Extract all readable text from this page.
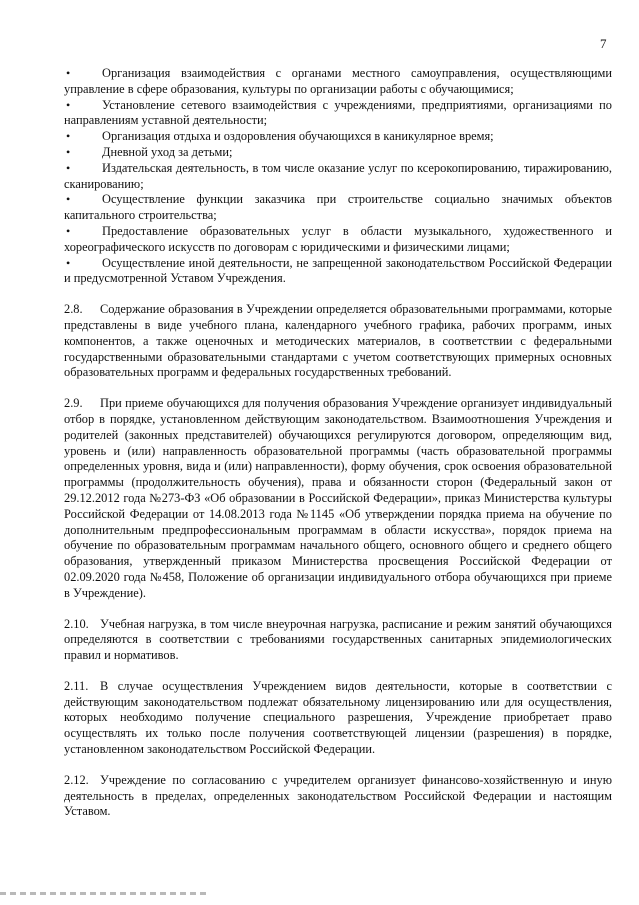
7
•	Организация взаимодействия с органами местного самоуправления, осуществляющими управление в сфере образования, культуры по организации работы с обучающимися;
•	Установление сетевого взаимодействия с учреждениями, предприятиями, организациями по направлениям уставной деятельности;
•	Организация отдыха и оздоровления обучающихся в каникулярное время;
•	Дневной уход за детьми;
•	Издательская деятельность, в том числе оказание услуг по ксерокопированию, тиражированию, сканированию;
•	Осуществление функции заказчика при строительстве социально значимых объектов капитального строительства;
•	Предоставление образовательных услуг в области музыкального, художественного и хореографического искусств по договорам с юридическими и физическими лицами;
•	Осуществление иной деятельности, не запрещенной законодательством Российской Федерации и предусмотренной Уставом Учреждения.

2.8. Содержание образования в Учреждении определяется образовательными программами, которые представлены в виде учебного плана, календарного учебного графика, рабочих программ, иных компонентов, а также оценочных и методических материалов, в соответствии с федеральными государственными образовательными стандартами с учетом соответствующих примерных основных образовательных программ и федеральных государственных требований.

2.9. При приеме обучающихся для получения образования Учреждение организует индивидуальный отбор в порядке, установленном действующим законодательством. Взаимоотношения Учреждения и родителей (законных представителей) обучающихся регулируются договором, определяющим вид, уровень и (или) направленность образовательной программы (часть образовательной программы определенных уровня, вида и (или) направленности), форму обучения, срок освоения образовательной программы (продолжительность обучения), права и обязанности сторон (Федеральный закон от 29.12.2012 года №273-ФЗ «Об образовании в Российской Федерации», приказ Министерства культуры Российской Федерации от 14.08.2013 года №1145 «Об утверждении порядка приема на обучение по дополнительным предпрофессиональным программам в области искусства», порядок приема на обучение по образовательным программам начального общего, основного общего и среднего общего образования, утвержденный приказом Министерства просвещения Российской Федерации от 02.09.2020 года №458, Положение об организации индивидуального отбора обучающихся при приеме в Учреждение).

2.10. Учебная нагрузка, в том числе внеурочная нагрузка, расписание и режим занятий обучающихся определяются в соответствии с требованиями государственных санитарных эпидемиологических правил и нормативов.

2.11. В случае осуществления Учреждением видов деятельности, которые в соответствии с действующим законодательством подлежат обязательному лицензированию или для осуществления, которых необходимо получение специального разрешения, Учреждение приобретает право осуществлять их только после получения соответствующей лицензии (разрешения) в порядке, установленном законодательством Российской Федерации.

2.12. Учреждение по согласованию с учредителем организует финансово-хозяйственную и иную деятельность в пределах, определенных законодательством Российской Федерации и настоящим Уставом.
